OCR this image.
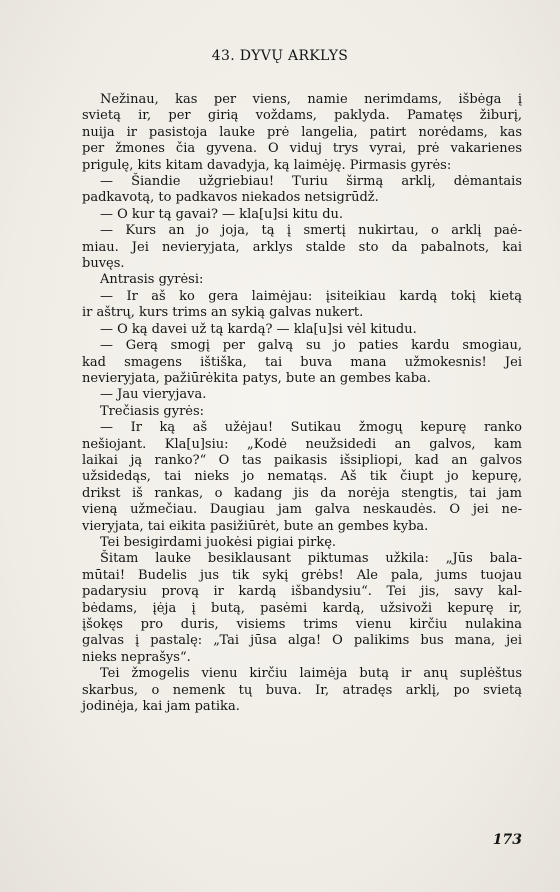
43. DYVŲ ARKLYS

Nežinau, kas per viens, namie nerimdams, išbėga į
svietą ir, per girią voždams, paklyda. Pamatęs žiburį,
nuija ir pasistoja lauke prė langelia, patirt norėdams, kas
per žmones čia gyvena. O viduj trys vyrai, prė vakarienes
prigulę, kits kitam davadyja, ką laimėję. Pirmasis gyrės:

— Šiandie užgriebiau! Turiu širmą arklį, dėmantais
padkavotą, to padkavos niekados netsigrūdž.

— O kur tą gavai? — kla[u]si kitu du.

— Kurs an jo joja, tą į smertį nukirtau, o arklį paė-
miau. Jei nevieryjata, arklys stalde sto da pabalnots, kai
buvęs.

Antrasis gyrėsi:

— Ir aš ko gera laimėjau: įsiteikiau kardą tokį kietą
ir aštrų, kurs trims an sykią galvas nukert.

— O ką davei už tą kardą? — kla[u]si vėl kitudu.

— Gerą smogį per galvą su jo paties kardu smogiau,
kad smagens ištiška, tai buva mana užmokesnis! Jei
nevieryjata, pažiūrėkita patys, bute an gembes kaba.

— Jau vieryjava.

Trečiasis gyrės:

— Ir ką aš užėjau! Sutikau žmogų kepurę ranko
nešiojant. Kla[u]siu: „Kodė neužsidedi an galvos, kam
laikai ją ranko?“ O tas paikasis išsipliopi, kad an galvos
užsidedąs, tai nieks jo nematąs. Aš tik čiupt jo kepurę,
drikst iš rankas, o kadang jis da norėja stengtis, tai jam
vieną užmečiau. Daugiau jam galva neskaudės. O jei ne-
vieryjata, tai eikita pasižiūrėt, bute an gembes kyba.

Tei besigirdami juokėsi pigiai pirkę.

Šitam lauke besiklausant piktumas užkila: „Jūs bala-
mūtai! Budelis jus tik sykį grėbs! Ale pala, jums tuojau
padarysiu provą ir kardą išbandysiu“. Tei jis, savy kal-
bėdams, įėja į butą, pasėmi kardą, užsivoži kepurę ir,
įšokęs pro duris, visiems trims vienu kirčiu nulakina
galvas į pastalę: „Tai jūsa alga! O palikims bus mana, jei
nieks neprašys“.

Tei žmogelis vienu kirčiu laimėja butą ir anų suplėštus
skarbus, o nemenk tų buva. Ir, atradęs arklį, po svietą
jodinėja, kai jam patika.

173
